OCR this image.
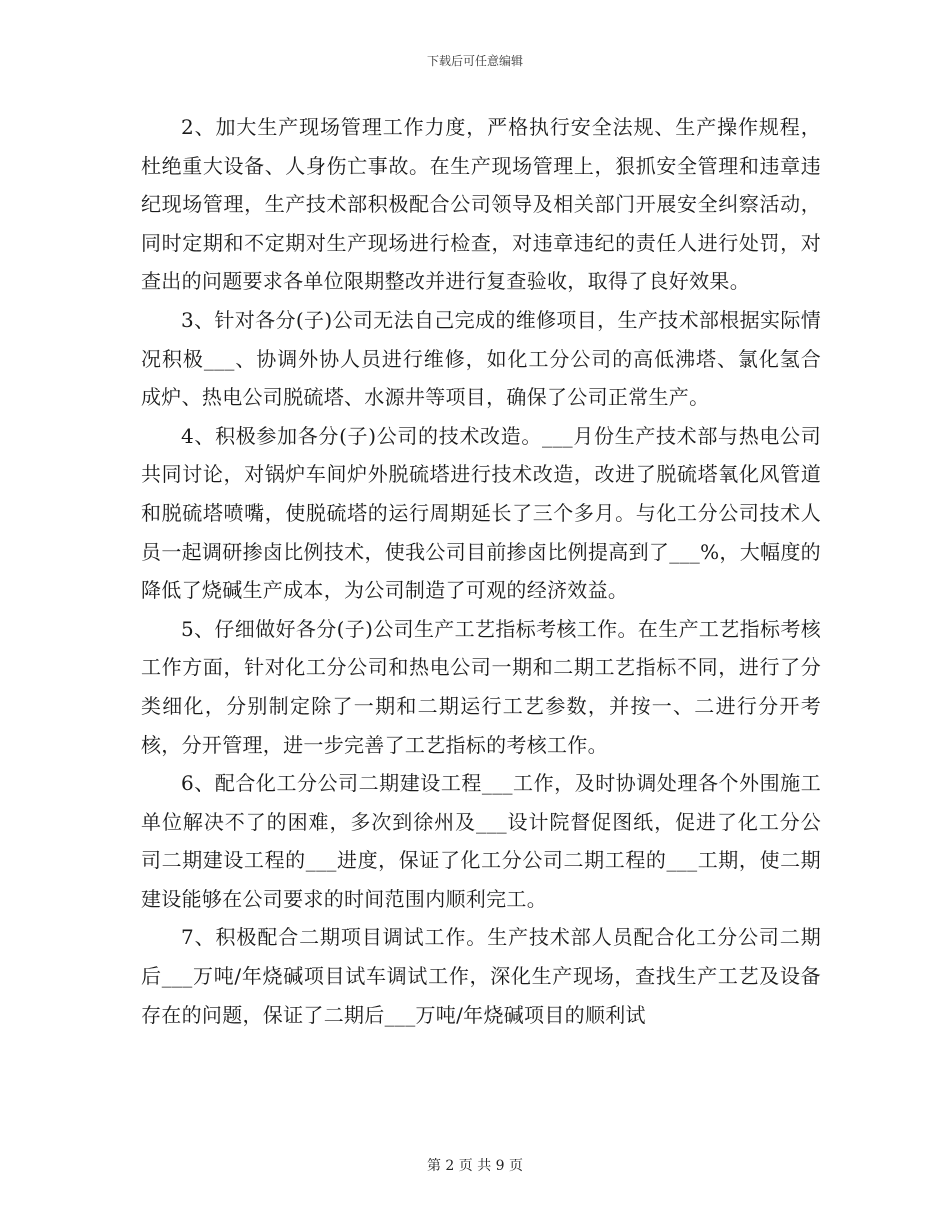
下载后可任意编辑

2、加大生产现场管理工作力度，严格执行安全法规、生产操作规程，杜绝重大设备、人身伤亡事故。在生产现场管理上，狠抓安全管理和违章违纪现场管理，生产技术部积极配合公司领导及相关部门开展安全纠察活动，同时定期和不定期对生产现场进行检查，对违章违纪的责任人进行处罚，对查出的问题要求各单位限期整改并进行复查验收，取得了良好效果。

3、针对各分(子)公司无法自己完成的维修项目，生产技术部根据实际情况积极___、协调外协人员进行维修，如化工分公司的高低沸塔、氯化氢合成炉、热电公司脱硫塔、水源井等项目，确保了公司正常生产。

4、积极参加各分(子)公司的技术改造。___月份生产技术部与热电公司共同讨论，对锅炉车间炉外脱硫塔进行技术改造，改进了脱硫塔氧化风管道和脱硫塔喷嘴，使脱硫塔的运行周期延长了三个多月。与化工分公司技术人员一起调研掺卤比例技术，使我公司目前掺卤比例提高到了___%，大幅度的降低了烧碱生产成本，为公司制造了可观的经济效益。

5、仔细做好各分(子)公司生产工艺指标考核工作。在生产工艺指标考核工作方面，针对化工分公司和热电公司一期和二期工艺指标不同，进行了分类细化，分别制定除了一期和二期运行工艺参数，并按一、二进行分开考核，分开管理，进一步完善了工艺指标的考核工作。

6、配合化工分公司二期建设工程___工作，及时协调处理各个外围施工单位解决不了的困难，多次到徐州及___设计院督促图纸，促进了化工分公司二期建设工程的___进度，保证了化工分公司二期工程的___工期，使二期建设能够在公司要求的时间范围内顺利完工。

7、积极配合二期项目调试工作。生产技术部人员配合化工分公司二期后___万吨/年烧碱项目试车调试工作，深化生产现场，查找生产工艺及设备存在的问题，保证了二期后___万吨/年烧碱项目的顺利试

第 2 页 共 9 页
